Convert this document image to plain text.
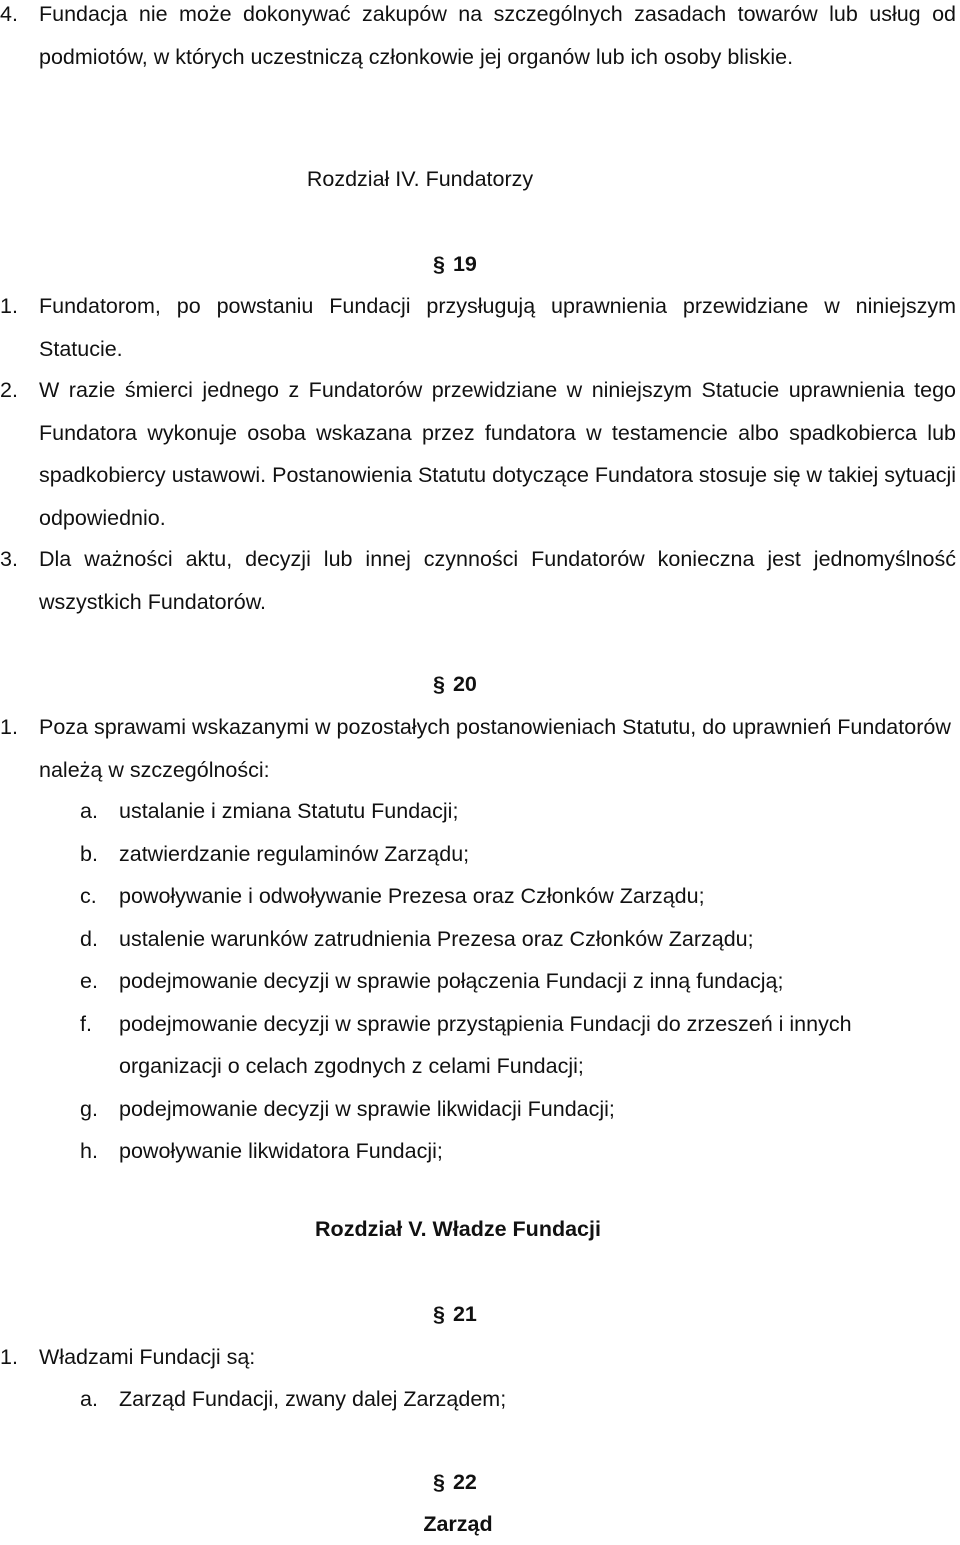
4. Fundacja nie może dokonywać zakupów na szczególnych zasadach towarów lub usług od podmiotów, w których uczestniczą członkowie jej organów lub ich osoby bliskie.
Rozdział IV. Fundatorzy
§ 19
1. Fundatorom, po powstaniu Fundacji przysługują uprawnienia przewidziane w niniejszym Statucie.
2. W razie śmierci jednego z Fundatorów przewidziane w niniejszym Statucie uprawnienia tego Fundatora wykonuje osoba wskazana przez fundatora w testamencie albo spadkobierca lub spadkobiercy ustawowi. Postanowienia Statutu dotyczące Fundatora stosuje się w takiej sytuacji odpowiednio.
3. Dla ważności aktu, decyzji lub innej czynności Fundatorów konieczna jest jednomyślność wszystkich Fundatorów.
§ 20
1. Poza sprawami wskazanymi w pozostałych postanowieniach Statutu, do uprawnień Fundatorów należą w szczególności:
a. ustalanie i zmiana Statutu Fundacji;
b. zatwierdzanie regulaminów Zarządu;
c. powoływanie i odwoływanie Prezesa oraz Członków Zarządu;
d. ustalenie warunków zatrudnienia Prezesa oraz Członków Zarządu;
e. podejmowanie decyzji w sprawie połączenia Fundacji z inną fundacją;
f. podejmowanie decyzji w sprawie przystąpienia Fundacji do zrzeszeń i innych organizacji o celach zgodnych z celami Fundacji;
g. podejmowanie decyzji w sprawie likwidacji Fundacji;
h. powoływanie likwidatora Fundacji;
Rozdział V. Władze Fundacji
§ 21
1. Władzami Fundacji są:
a. Zarząd Fundacji, zwany dalej Zarządem;
§ 22
Zarząd
